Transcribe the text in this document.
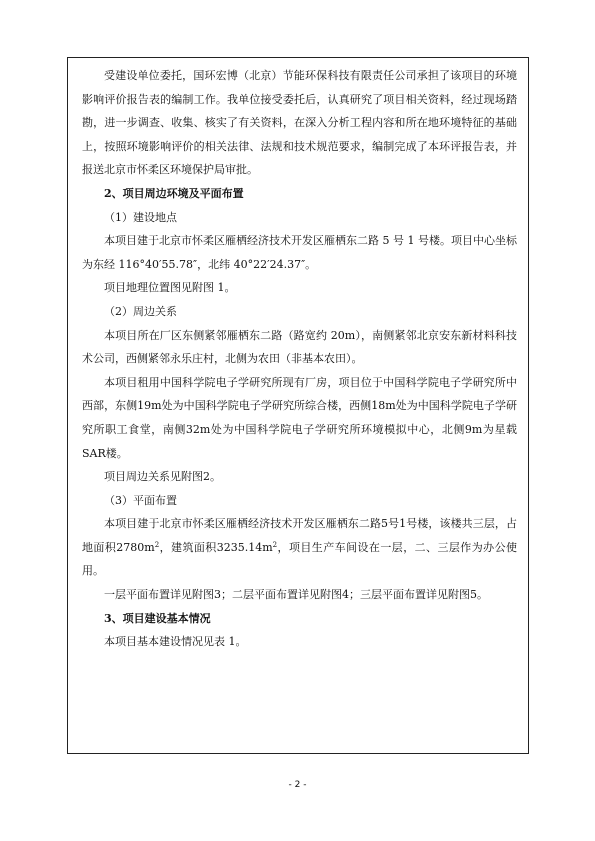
受建设单位委托，国环宏博（北京）节能环保科技有限责任公司承担了该项目的环境影响评价报告表的编制工作。我单位接受委托后，认真研究了项目相关资料，经过现场踏勘，进一步调查、收集、核实了有关资料，在深入分析工程内容和所在地环境特征的基础上，按照环境影响评价的相关法律、法规和技术规范要求，编制完成了本环评报告表，并报送北京市怀柔区环境保护局审批。

2、项目周边环境及平面布置

（1）建设地点

本项目建于北京市怀柔区雁栖经济技术开发区雁栖东二路 5 号 1 号楼。项目中心坐标为东经 116°40′55.78″，北纬 40°22′24.37″。

项目地理位置图见附图 1。

（2）周边关系

本项目所在厂区东侧紧邻雁栖东二路（路宽约 20m），南侧紧邻北京安东新材料科技术公司，西侧紧邻永乐庄村，北侧为农田（非基本农田）。

本项目租用中国科学院电子学研究所现有厂房，项目位于中国科学院电子学研究所中西部，东侧19m处为中国科学院电子学研究所综合楼，西侧18m处为中国科学院电子学研究所职工食堂，南侧32m处为中国科学院电子学研究所环境模拟中心，北侧9m为星载SAR楼。

项目周边关系见附图2。

（3）平面布置

本项目建于北京市怀柔区雁栖经济技术开发区雁栖东二路5号1号楼，该楼共三层，占地面积$2780m^2$，建筑面积$3235.14m^2$，项目生产车间设在一层，二、三层作为办公使用。

一层平面布置详见附图3；二层平面布置详见附图4；三层平面布置详见附图5。

3、项目建设基本情况

本项目基本建设情况见表 1。

- 2 -
